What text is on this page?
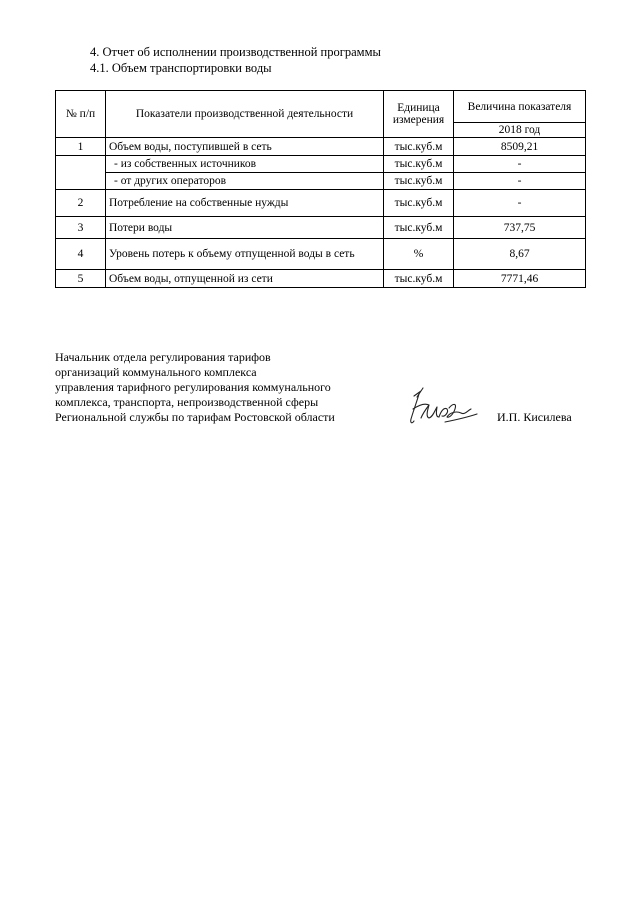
4. Отчет об исполнении производственной программы
4.1. Объем транспортировки воды
№ п/п	Показатели производственной деятельности	Единица измерения	Величина показателя
			2018 год
1	Объем воды, поступившей в сеть	тыс.куб.м	8509,21
	- из собственных источников	тыс.куб.м	-
	- от других операторов	тыс.куб.м	-
2	Потребление на собственные нужды	тыс.куб.м	-
3	Потери воды	тыс.куб.м	737,75
4	Уровень потерь к объему отпущенной воды в сеть	%	8,67
5	Объем воды, отпущенной из сети	тыс.куб.м	7771,46
Начальник отдела регулирования тарифов
организаций коммунального комплекса
управления тарифного регулирования коммунального
комплекса, транспорта, непроизводственной сферы
Региональной службы по тарифам Ростовской области	И.П. Кисилева
